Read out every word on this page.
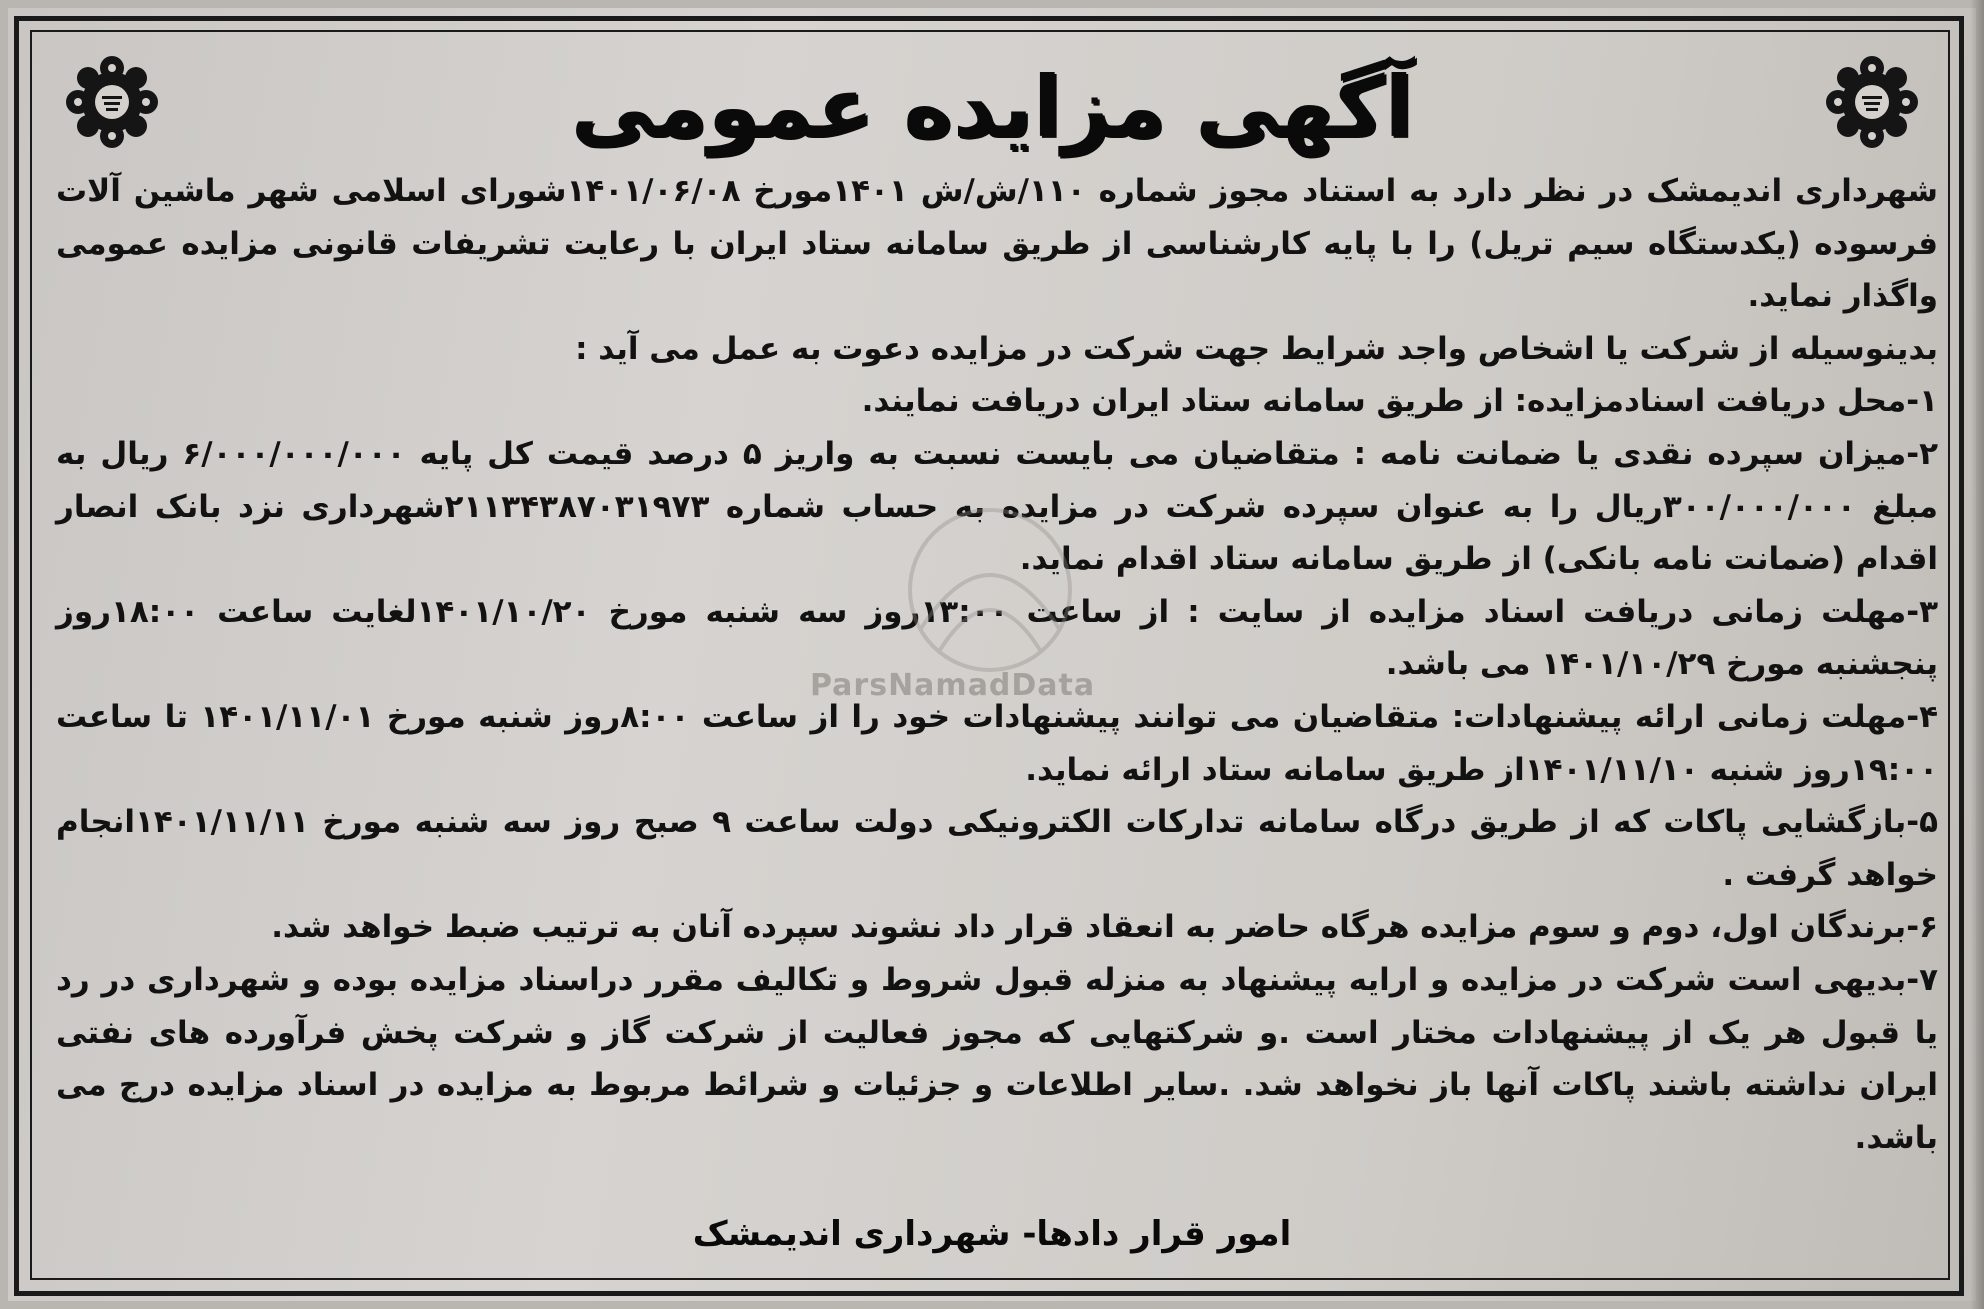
آگهی مزایده عمومی

شهرداری اندیمشک در نظر دارد به استناد مجوز شماره ۱۱۰/ش/ش ۱۴۰۱مورخ ۱۴۰۱/۰۶/۰۸شورای اسلامی شهر ماشین آلات فرسوده (یکدستگاه سیم تریل) را با پایه کارشناسی از طریق سامانه ستاد ایران با رعایت تشریفات قانونی مزایده عمومی واگذار نماید.

بدینوسیله از شرکت یا اشخاص واجد شرایط جهت شرکت در مزایده دعوت به عمل می آید :

۱-محل دریافت اسنادمزایده: از طریق سامانه ستاد ایران دریافت نمایند.

۲-میزان سپرده نقدی یا ضمانت نامه : متقاضیان می بایست نسبت به واریز ۵ درصد قیمت کل پایه ۶/۰۰۰/۰۰۰/۰۰۰ ریال به مبلغ ۳۰۰/۰۰۰/۰۰۰ریال را به عنوان سپرده شرکت در مزایده به حساب شماره ۲۱۱۳۴۳۸۷۰۳۱۹۷۳شهرداری نزد بانک انصار اقدام (ضمانت نامه بانکی) از طریق سامانه ستاد اقدام نماید.

۳-مهلت زمانی دریافت اسناد مزایده از سایت : از ساعت ۱۳:۰۰روز سه شنبه مورخ ۱۴۰۱/۱۰/۲۰لغایت ساعت ۱۸:۰۰روز پنجشنبه مورخ ۱۴۰۱/۱۰/۲۹ می باشد.

۴-مهلت زمانی ارائه پیشنهادات: متقاضیان می توانند پیشنهادات خود را از ساعت ۸:۰۰روز شنبه مورخ ۱۴۰۱/۱۱/۰۱ تا ساعت ۱۹:۰۰روز شنبه ۱۴۰۱/۱۱/۱۰از طریق سامانه ستاد ارائه نماید.

۵-بازگشایی پاکات که از طریق درگاه سامانه تدارکات الکترونیکی دولت ساعت ۹ صبح روز سه شنبه مورخ ۱۴۰۱/۱۱/۱۱انجام خواهد گرفت .

۶-برندگان اول، دوم و سوم مزایده هرگاه حاضر به انعقاد قرار داد نشوند سپرده آنان به ترتیب ضبط خواهد شد.

۷-بدیهی است شرکت در مزایده و ارایه پیشنهاد به منزله قبول شروط و تکالیف مقرر دراسناد مزایده بوده و شهرداری در رد یا قبول هر یک از پیشنهادات مختار است .و شرکتهایی که مجوز فعالیت از شرکت گاز و شرکت پخش فرآورده های نفتی ایران نداشته باشند پاکات آنها باز نخواهد شد. .سایر اطلاعات و جزئیات و شرائط مربوط به مزایده در اسناد مزایده درج می باشد.

ParsNamadData
امور قرار دادها- شهرداری اندیمشک
